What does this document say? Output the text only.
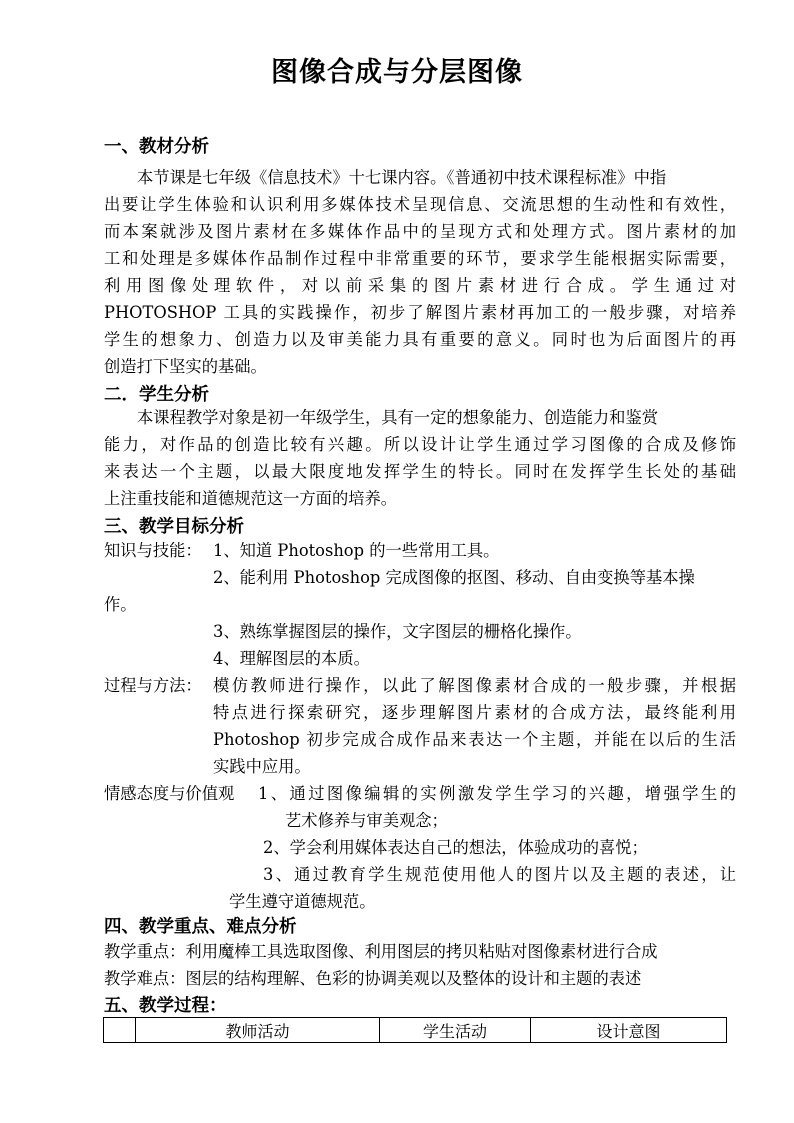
图像合成与分层图像
一、教材分析
本节课是七年级《信息技术》十七课内容。《普通初中技术课程标准》中指
出要让学生体验和认识利用多媒体技术呈现信息、交流思想的生动性和有效性，
而本案就涉及图片素材在多媒体作品中的呈现方式和处理方式。图片素材的加
工和处理是多媒体作品制作过程中非常重要的环节，要求学生能根据实际需要，
利用图像处理软件，对以前采集的图片素材进行合成。学生通过对
PHOTOSHOP 工具的实践操作，初步了解图片素材再加工的一般步骤，对培养
学生的想象力、创造力以及审美能力具有重要的意义。同时也为后面图片的再
创造打下坚实的基础。
二．学生分析
本课程教学对象是初一年级学生，具有一定的想象能力、创造能力和鉴赏
能力，对作品的创造比较有兴趣。所以设计让学生通过学习图像的合成及修饰
来表达一个主题，以最大限度地发挥学生的特长。同时在发挥学生长处的基础
上注重技能和道德规范这一方面的培养。
三、教学目标分析
知识与技能： 1、知道 Photoshop 的一些常用工具。
2、能利用 Photoshop 完成图像的抠图、移动、自由变换等基本操
作。
3、熟练掌握图层的操作，文字图层的栅格化操作。
4、理解图层的本质。
过程与方法： 模仿教师进行操作，以此了解图像素材合成的一般步骤，并根据
特点进行探索研究，逐步理解图片素材的合成方法，最终能利用
Photoshop 初步完成合成作品来表达一个主题，并能在以后的生活
实践中应用。
情感态度与价值观 1、通过图像编辑的实例激发学生学习的兴趣，增强学生的
艺术修养与审美观念；
2、学会利用媒体表达自己的想法，体验成功的喜悦；
3、通过教育学生规范使用他人的图片以及主题的表述，让
学生遵守道德规范。
四、教学重点、难点分析
教学重点：利用魔棒工具选取图像、利用图层的拷贝粘贴对图像素材进行合成
教学难点：图层的结构理解、色彩的协调美观以及整体的设计和主题的表述
五、教学过程：
	教师活动	学生活动	设计意图
